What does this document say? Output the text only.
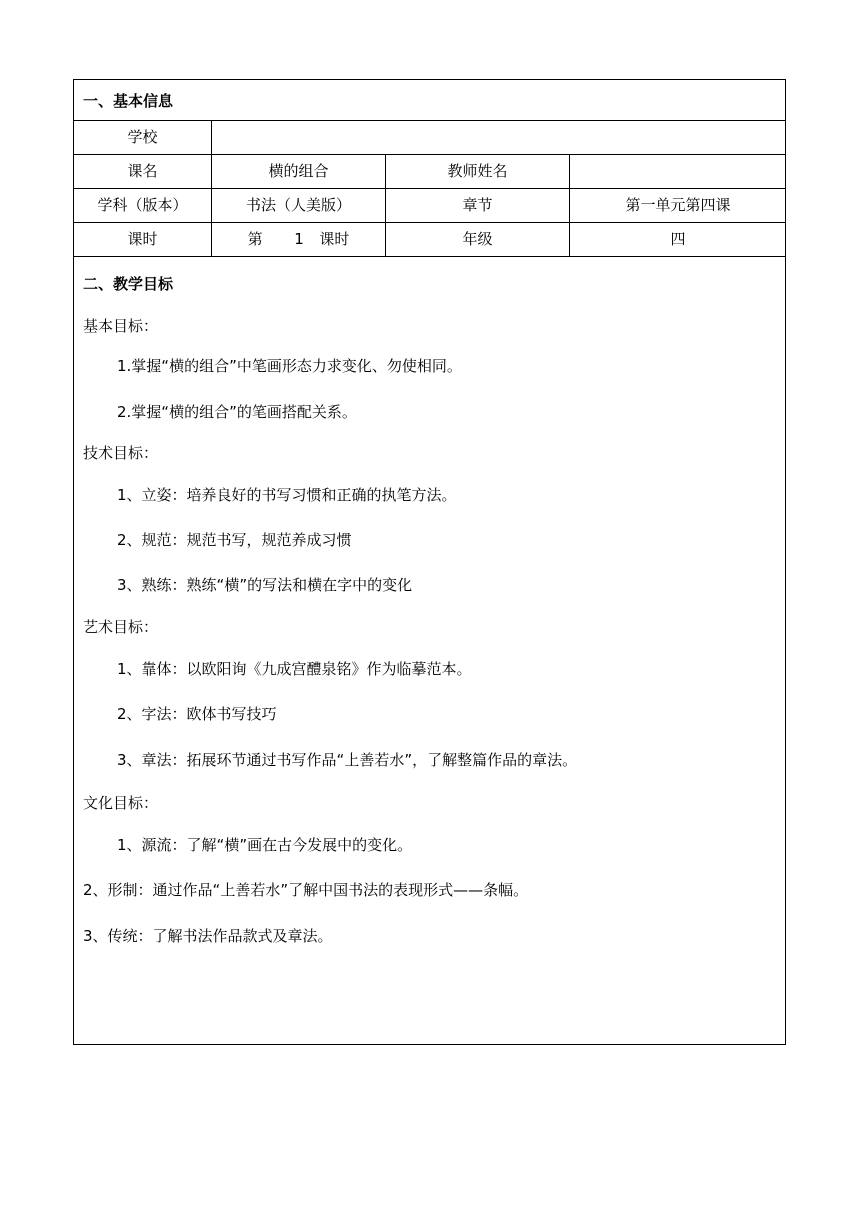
一、基本信息
学校
课名	横的组合	教师姓名
学科（版本）	书法（人美版）	章节	第一单元第四课
课时	第 1 课时	年级	四
二、教学目标
基本目标：
1.掌握“横的组合”中笔画形态力求变化、勿使相同。
2.掌握“横的组合”的笔画搭配关系。
技术目标：
1、立姿：培养良好的书写习惯和正确的执笔方法。
2、规范：规范书写，规范养成习惯
3、熟练：熟练“横”的写法和横在字中的变化
艺术目标：
1、靠体：以欧阳询《九成宫醴泉铭》作为临摹范本。
2、字法：欧体书写技巧
3、章法：拓展环节通过书写作品“上善若水”，了解整篇作品的章法。
文化目标：
1、源流：了解“横”画在古今发展中的变化。
2、形制：通过作品“上善若水”了解中国书法的表现形式——条幅。
3、传统：了解书法作品款式及章法。
